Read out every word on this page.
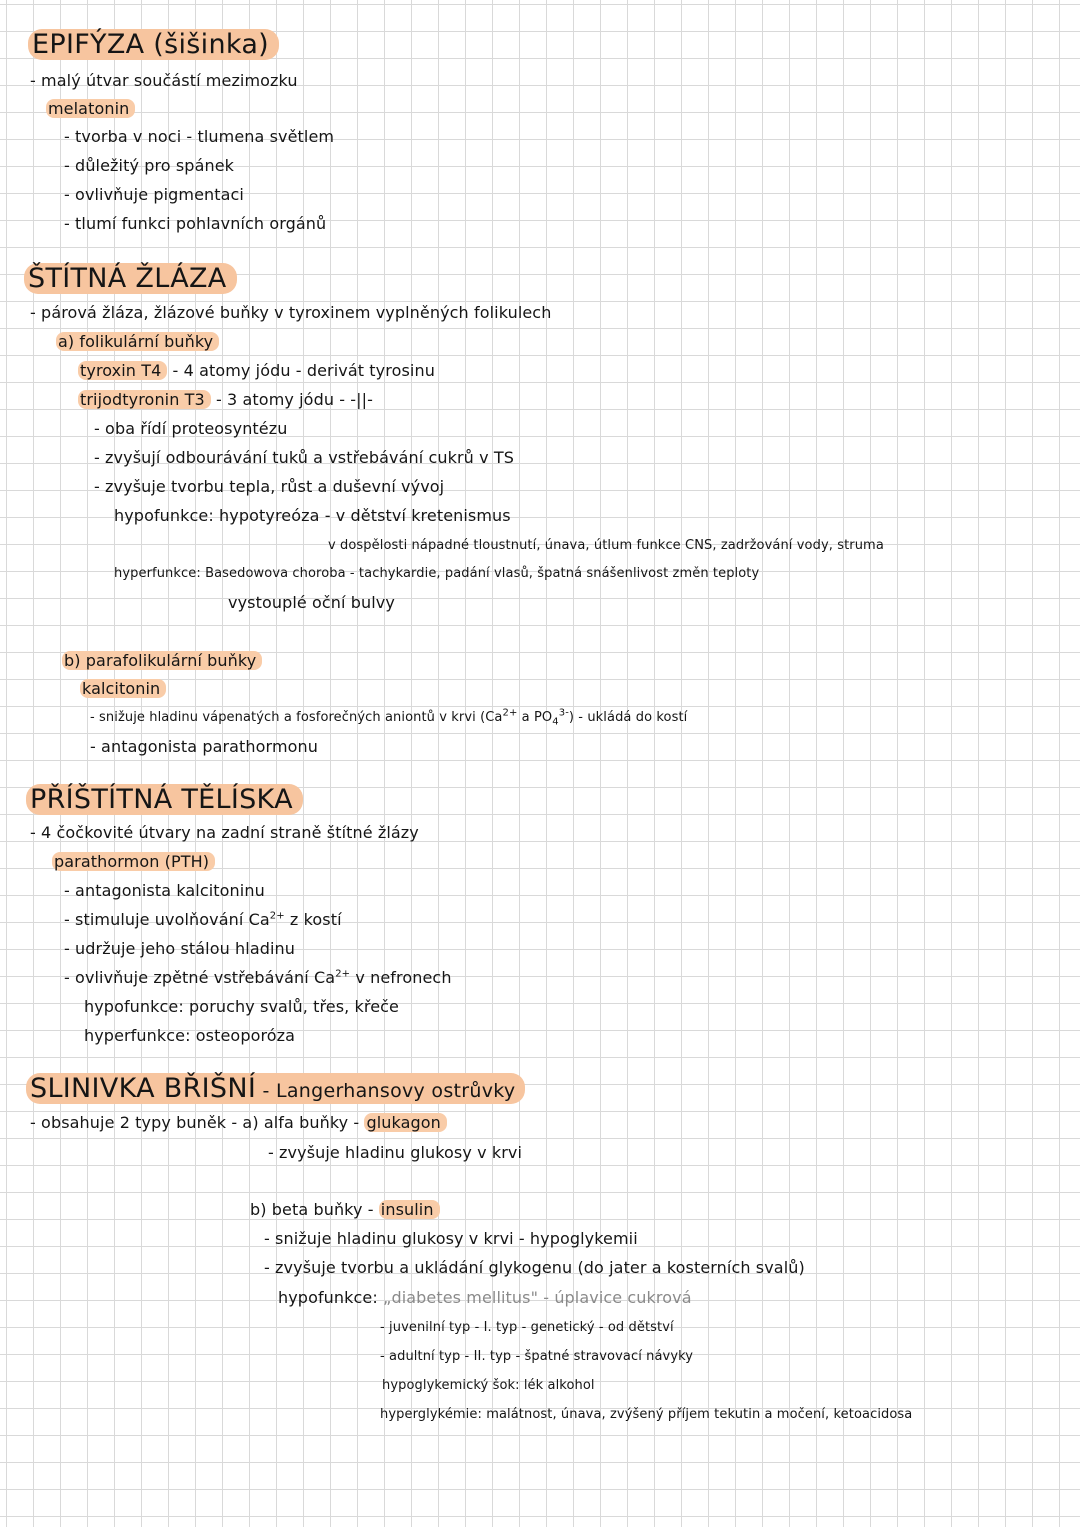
EPIFÝZA (šišinka)
- malý útvar součástí mezimozku
melatonin
- tvorba v noci - tlumena světlem
- důležitý pro spánek
- ovlivňuje pigmentaci
- tlumí funkci pohlavních orgánů
ŠTÍTNÁ ŽLÁZA
- párová žláza, žlázové buňky v tyroxinem vyplněných folikulech
a) folikulární buňky
tyroxin T4 - 4 atomy jódu - derivát tyrosinu
trijodtyronin T3 - 3 atomy jódu - -||-
- oba řídí proteosyntézu
- zvyšují odbourávání tuků a vstřebávání cukrů v TS
- zvyšuje tvorbu tepla, růst a duševní vývoj
hypofunkce: hypotyreóza - v dětství kretenismus
v dospělosti nápadné tloustnutí, únava, útlum funkce CNS, zadržování vody, struma
hyperfunkce: Basedowova choroba - tachykardie, padání vlasů, špatná snášenlivost změn teploty
vystouplé oční bulvy
b) parafolikulární buňky
kalcitonin
- snižuje hladinu vápenatých a fosforečných aniontů v krvi ($Ca^{2+}$ a $PO_4^{3-}$) - ukládá do kostí
- antagonista parathormonu
PŘÍŠTÍTNÁ TĚLÍSKA
- 4 čočkovité útvary na zadní straně štítné žlázy
parathormon (PTH)
- antagonista kalcitoninu
- stimuluje uvolňování $Ca^{2+}$ z kostí
- udržuje jeho stálou hladinu
- ovlivňuje zpětné vstřebávání $Ca^{2+}$ v nefronech
hypofunkce: poruchy svalů, třes, křeče
hyperfunkce: osteoporóza
SLINIVKA BŘIŠNÍ - Langerhansovy ostrůvky
- obsahuje 2 typy buněk - a) alfa buňky - glukagon
- zvyšuje hladinu glukosy v krvi
b) beta buňky - insulin
- snižuje hladinu glukosy v krvi - hypoglykemii
- zvyšuje tvorbu a ukládání glykogenu (do jater a kosterních svalů)
hypofunkce: „diabetes mellitus" - úplavice cukrová
- juvenilní typ - I. typ - genetický - od dětství
- adultní typ - II. typ - špatné stravovací návyky
hypoglykemický šok: lék alkohol
hyperglykémie: malátnost, únava, zvýšený příjem tekutin a močení, ketoacidosa
